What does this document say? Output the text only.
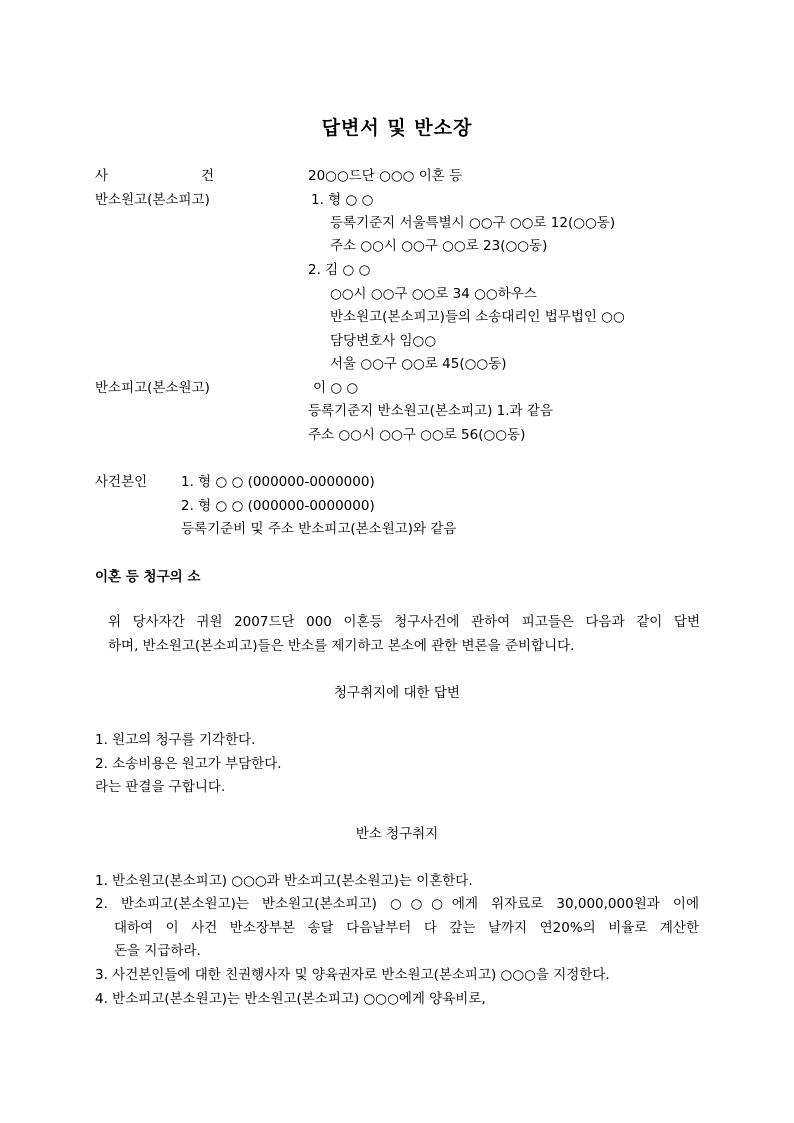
답변서 및 반소장
사	건	20○○드단 ○○○ 이혼 등
반소원고(본소피고)	1. 형 ○ ○
등록기준지 서울특별시 ○○구 ○○로 12(○○동)
주소 ○○시 ○○구 ○○로 23(○○동)
2. 김 ○ ○
○○시 ○○구 ○○로 34 ○○하우스
반소원고(본소피고)들의 소송대리인 법무법인 ○○
담당변호사 임○○
서울 ○○구 ○○로 45(○○동)
반소피고(본소원고)	이 ○ ○
등록기준지 반소원고(본소피고) 1.과 같음
주소 ○○시 ○○구 ○○로 56(○○동)
사건본인	1. 형 ○ ○ (000000-0000000)
2. 형 ○ ○ (000000-0000000)
등록기준비 및 주소 반소피고(본소원고)와 같음
이혼 등 청구의 소
위 당사자간 귀원 2007드단 000 이혼등 청구사건에 관하여 피고들은 다음과 같이 답변
하며, 반소원고(본소피고)들은 반소를 제기하고 본소에 관한 변론을 준비합니다.
청구취지에 대한 답변
1. 원고의 청구를 기각한다.
2. 소송비용은 원고가 부담한다.
라는 판결을 구합니다.
반소 청구취지
1. 반소원고(본소피고) ○○○과 반소피고(본소원고)는 이혼한다.
2. 반소피고(본소원고)는 반소원고(본소피고) ○○○에게 위자료로 30,000,000원과 이에
대하여 이 사건 반소장부본 송달 다음날부터 다 갚는 날까지 연20%의 비율로 계산한
돈을 지급하라.
3. 사건본인들에 대한 친권행사자 및 양육권자로 반소원고(본소피고) ○○○을 지정한다.
4. 반소피고(본소원고)는 반소원고(본소피고) ○○○에게 양육비로,
